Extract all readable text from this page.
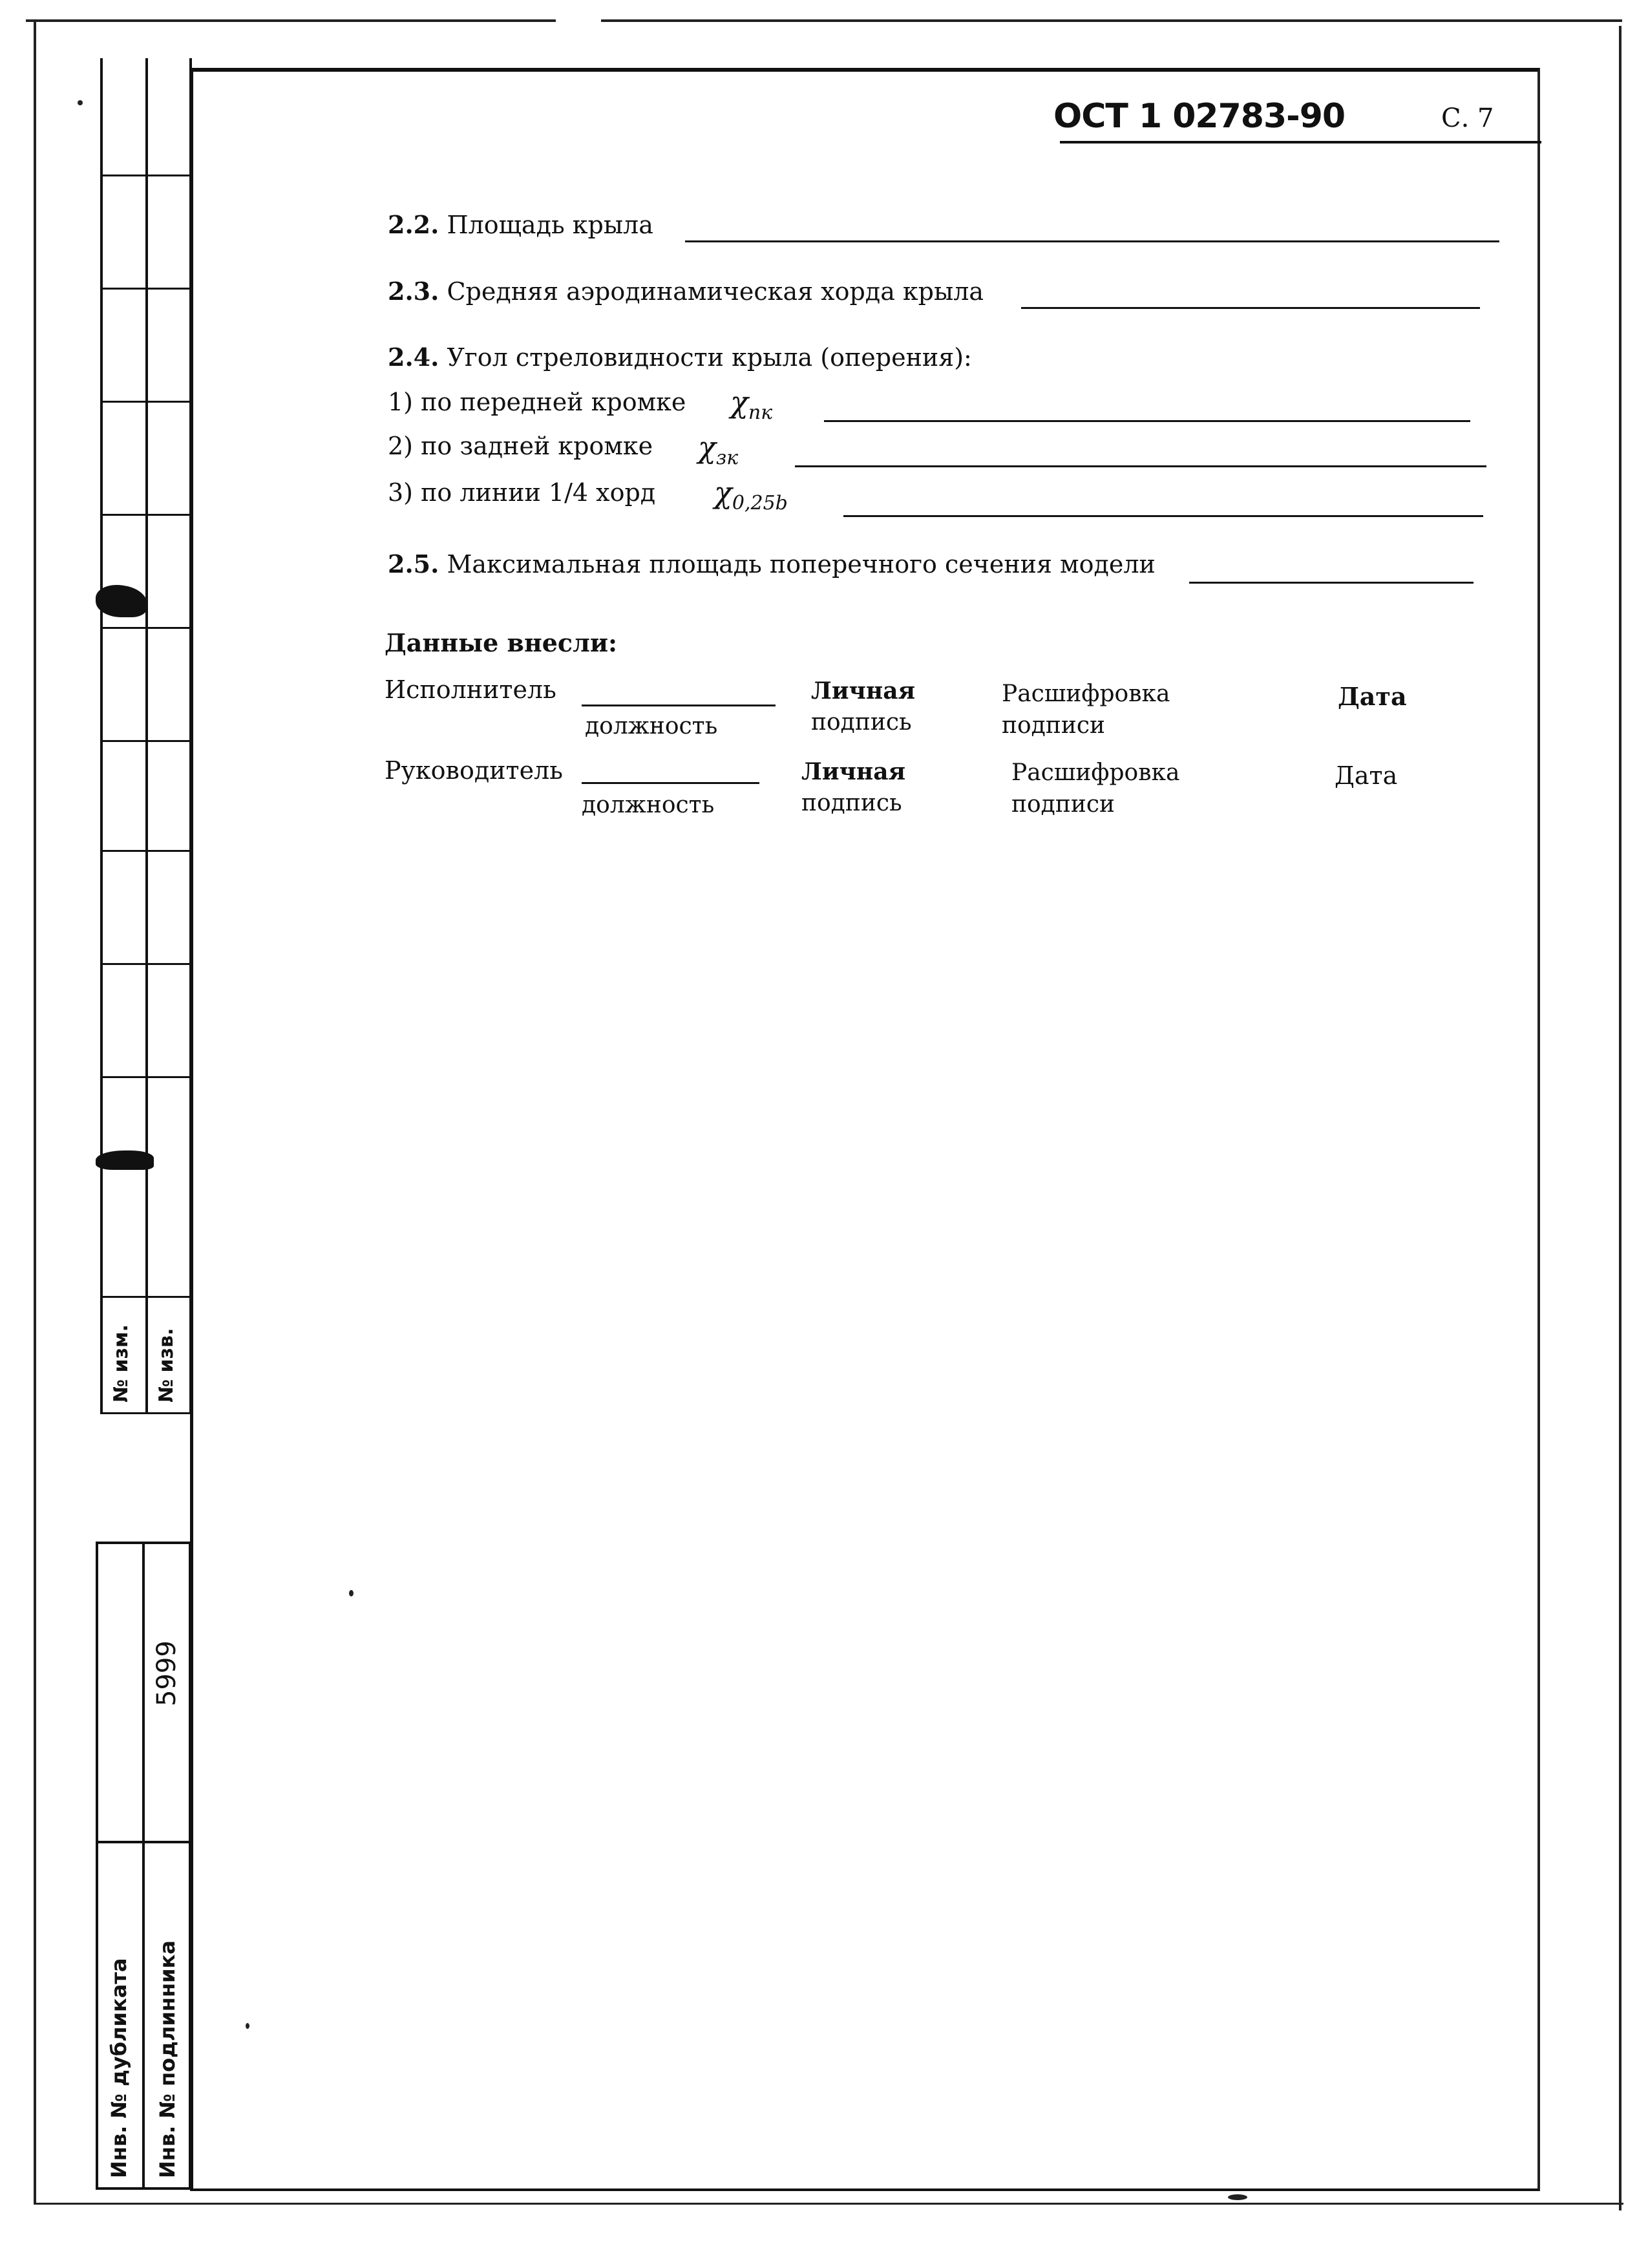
ОСТ 1 02783-90	С. 7
2.2. Площадь крыла
2.3. Средняя аэродинамическая хорда крыла
2.4. Угол стреловидности крыла (оперения):
1) по передней кромке $\chi_{пк}$
2) по задней кромке $\chi_{зк}$
3) по линии 1/4 хорд $\chi_{0,25b}$
2.5. Максимальная площадь поперечного сечения модели
Данные внесли:
Исполнитель
должность
Личная
подпись
Расшифровка
подписи
Дата
Руководитель
должность
Личная
подпись
Расшифровка
подписи
Дата
№ изм. № изв.
5999
Инв. № дубликата Инв. № подлинника
